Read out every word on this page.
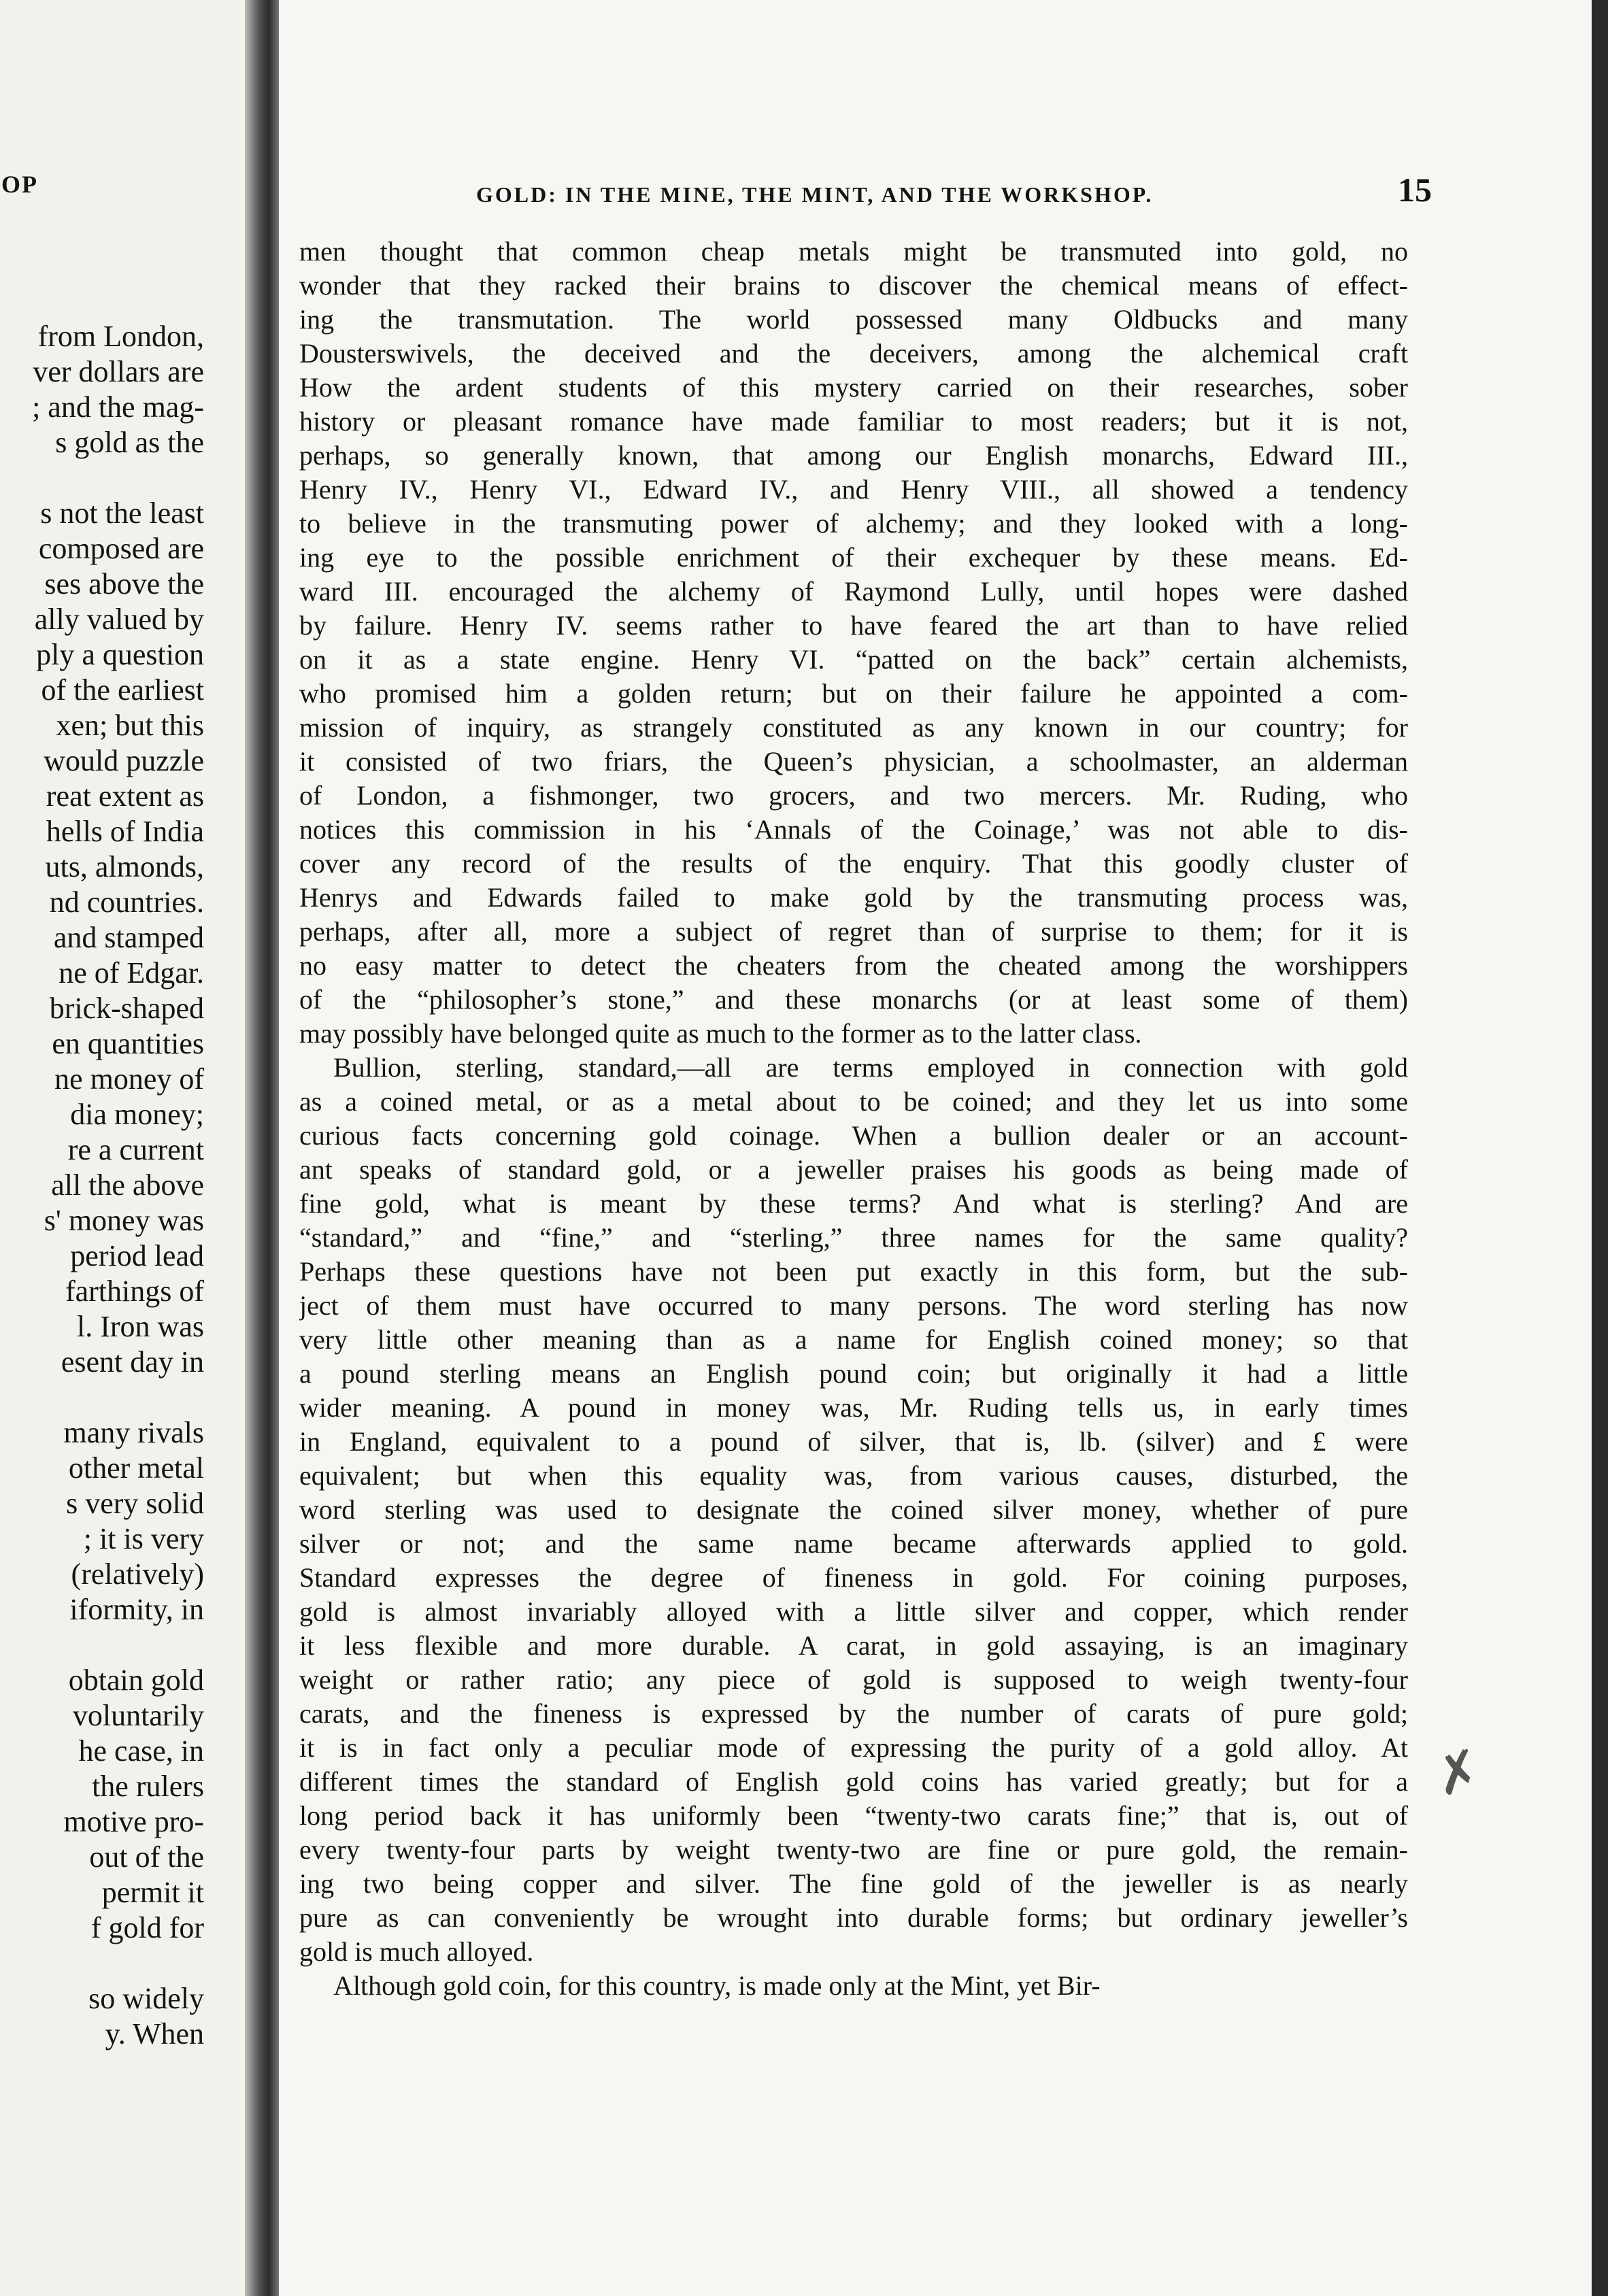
OP
from London,
ver dollars are
; and the mag-
s gold as the
s not the least
composed are
ses above the
ally valued by
ply a question
of the earliest
xen; but this
would puzzle
reat extent as
hells of India
uts, almonds,
nd countries.
and stamped
ne of Edgar.
brick-shaped
en quantities
ne money of
dia money;
re a current
all the above
s' money was
period lead
farthings of
l. Iron was
esent day in
many rivals
other metal
s very solid
; it is very
(relatively)
iformity, in
obtain gold
voluntarily
he case, in
the rulers
motive pro-
out of the
permit it
f gold for
so widely
y. When
GOLD: IN THE MINE, THE MINT, AND THE WORKSHOP.	15
men thought that common cheap metals might be transmuted into gold, no
wonder that they racked their brains to discover the chemical means of effect-
ing the transmutation. The world possessed many Oldbucks and many
Dousterswivels, the deceived and the deceivers, among the alchemical craft
How the ardent students of this mystery carried on their researches, sober
history or pleasant romance have made familiar to most readers; but it is not,
perhaps, so generally known, that among our English monarchs, Edward III.,
Henry IV., Henry VI., Edward IV., and Henry VIII., all showed a tendency
to believe in the transmuting power of alchemy; and they looked with a long-
ing eye to the possible enrichment of their exchequer by these means. Ed-
ward III. encouraged the alchemy of Raymond Lully, until hopes were dashed
by failure. Henry IV. seems rather to have feared the art than to have relied
on it as a state engine. Henry VI. “patted on the back” certain alchemists,
who promised him a golden return; but on their failure he appointed a com-
mission of inquiry, as strangely constituted as any known in our country; for
it consisted of two friars, the Queen’s physician, a schoolmaster, an alderman
of London, a fishmonger, two grocers, and two mercers. Mr. Ruding, who
notices this commission in his ‘Annals of the Coinage,’ was not able to dis-
cover any record of the results of the enquiry. That this goodly cluster of
Henrys and Edwards failed to make gold by the transmuting process was,
perhaps, after all, more a subject of regret than of surprise to them; for it is
no easy matter to detect the cheaters from the cheated among the worshippers
of the “philosopher’s stone,” and these monarchs (or at least some of them)
may possibly have belonged quite as much to the former as to the latter class.
Bullion, sterling, standard,—all are terms employed in connection with gold
as a coined metal, or as a metal about to be coined; and they let us into some
curious facts concerning gold coinage. When a bullion dealer or an account-
ant speaks of standard gold, or a jeweller praises his goods as being made of
fine gold, what is meant by these terms? And what is sterling? And are
“standard,” and “fine,” and “sterling,” three names for the same quality?
Perhaps these questions have not been put exactly in this form, but the sub-
ject of them must have occurred to many persons. The word sterling has now
very little other meaning than as a name for English coined money; so that
a pound sterling means an English pound coin; but originally it had a little
wider meaning. A pound in money was, Mr. Ruding tells us, in early times
in England, equivalent to a pound of silver, that is, lb. (silver) and £ were
equivalent; but when this equality was, from various causes, disturbed, the
word sterling was used to designate the coined silver money, whether of pure
silver or not; and the same name became afterwards applied to gold.
Standard expresses the degree of fineness in gold. For coining purposes,
gold is almost invariably alloyed with a little silver and copper, which render
it less flexible and more durable. A carat, in gold assaying, is an imaginary
weight or rather ratio; any piece of gold is supposed to weigh twenty-four
carats, and the fineness is expressed by the number of carats of pure gold;
it is in fact only a peculiar mode of expressing the purity of a gold alloy. At
different times the standard of English gold coins has varied greatly; but for a
long period back it has uniformly been “twenty-two carats fine;” that is, out of
every twenty-four parts by weight twenty-two are fine or pure gold, the remain-
ing two being copper and silver. The fine gold of the jeweller is as nearly
pure as can conveniently be wrought into durable forms; but ordinary jeweller’s
gold is much alloyed.
Although gold coin, for this country, is made only at the Mint, yet Bir-
✗
